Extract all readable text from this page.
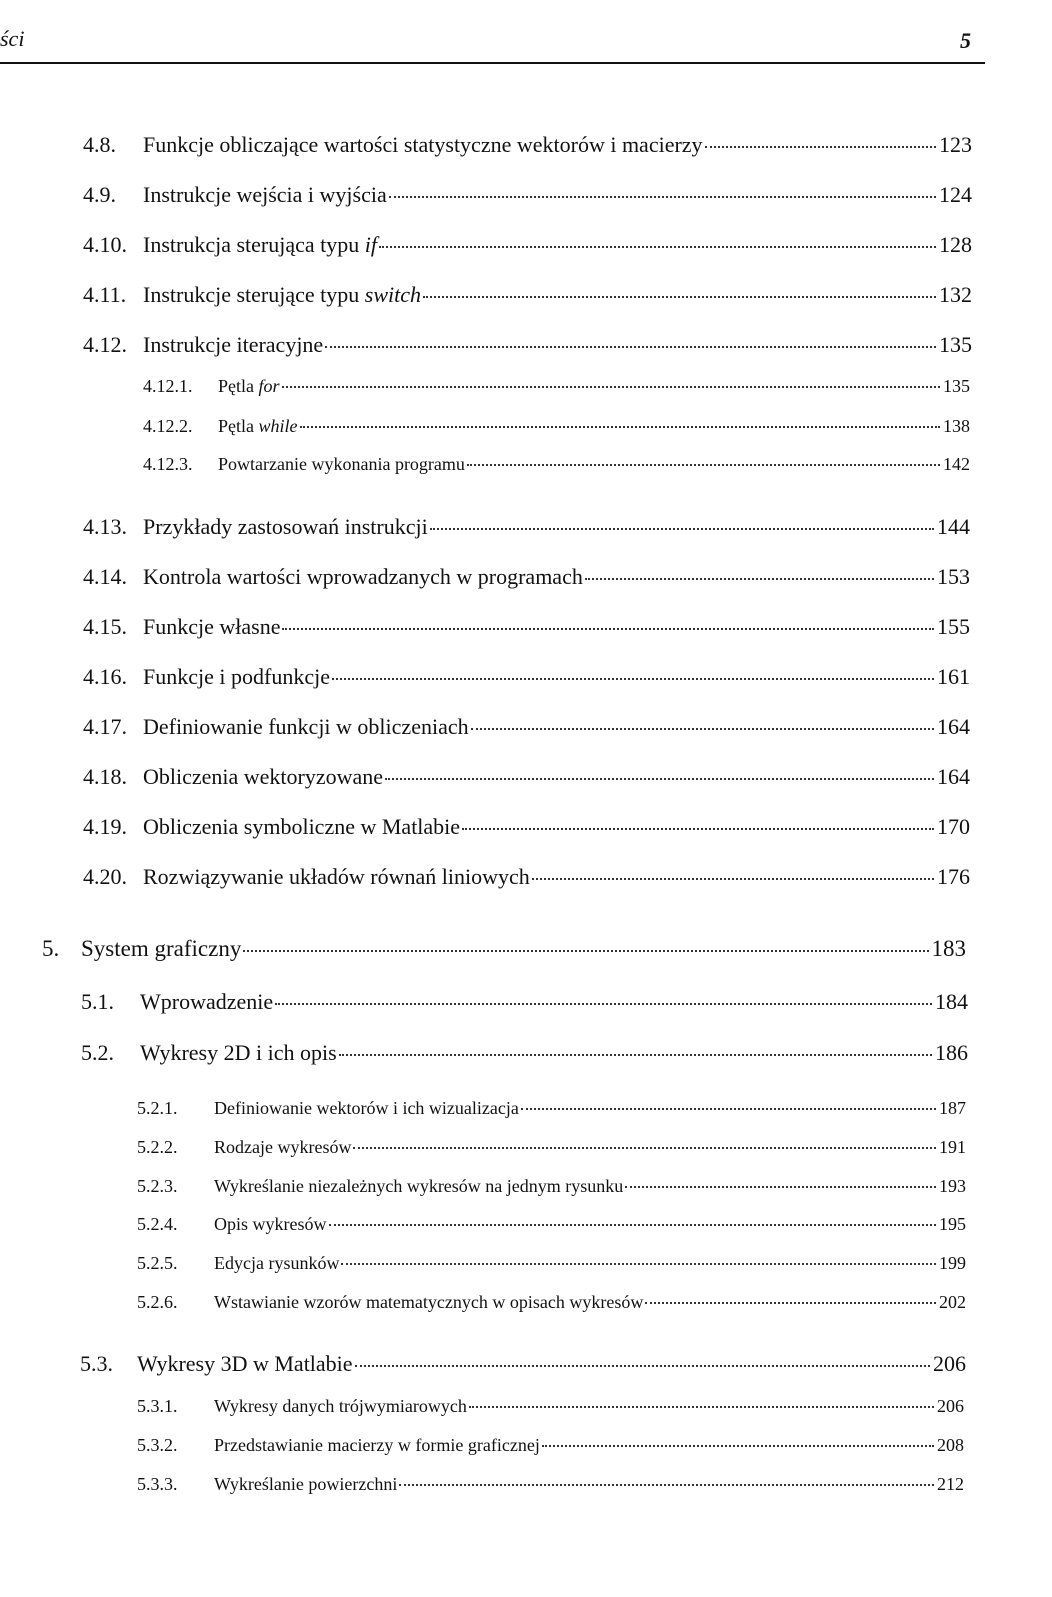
ści	5
4.8. Funkcje obliczające wartości statystyczne wektorów i macierzy	123
4.9. Instrukcje wejścia i wyjścia	124
4.10. Instrukcja sterująca typu if	128
4.11. Instrukcje sterujące typu switch	132
4.12. Instrukcje iteracyjne	135
4.12.1. Pętla for	135
4.12.2. Pętla while	138
4.12.3. Powtarzanie wykonania programu	142
4.13. Przykłady zastosowań instrukcji	144
4.14. Kontrola wartości wprowadzanych w programach	153
4.15. Funkcje własne	155
4.16. Funkcje i podfunkcje	161
4.17. Definiowanie funkcji w obliczeniach	164
4.18. Obliczenia wektoryzowane	164
4.19. Obliczenia symboliczne w Matlabie	170
4.20. Rozwiązywanie układów równań liniowych	176
5. System graficzny	183
5.1. Wprowadzenie	184
5.2. Wykresy 2D i ich opis	186
5.2.1. Definiowanie wektorów i ich wizualizacja	187
5.2.2. Rodzaje wykresów	191
5.2.3. Wykreślanie niezależnych wykresów na jednym rysunku	193
5.2.4. Opis wykresów	195
5.2.5. Edycja rysunków	199
5.2.6. Wstawianie wzorów matematycznych w opisach wykresów	202
5.3. Wykresy 3D w Matlabie	206
5.3.1. Wykresy danych trójwymiarowych	206
5.3.2. Przedstawianie macierzy w formie graficznej	208
5.3.3. Wykreślanie powierzchni	212
